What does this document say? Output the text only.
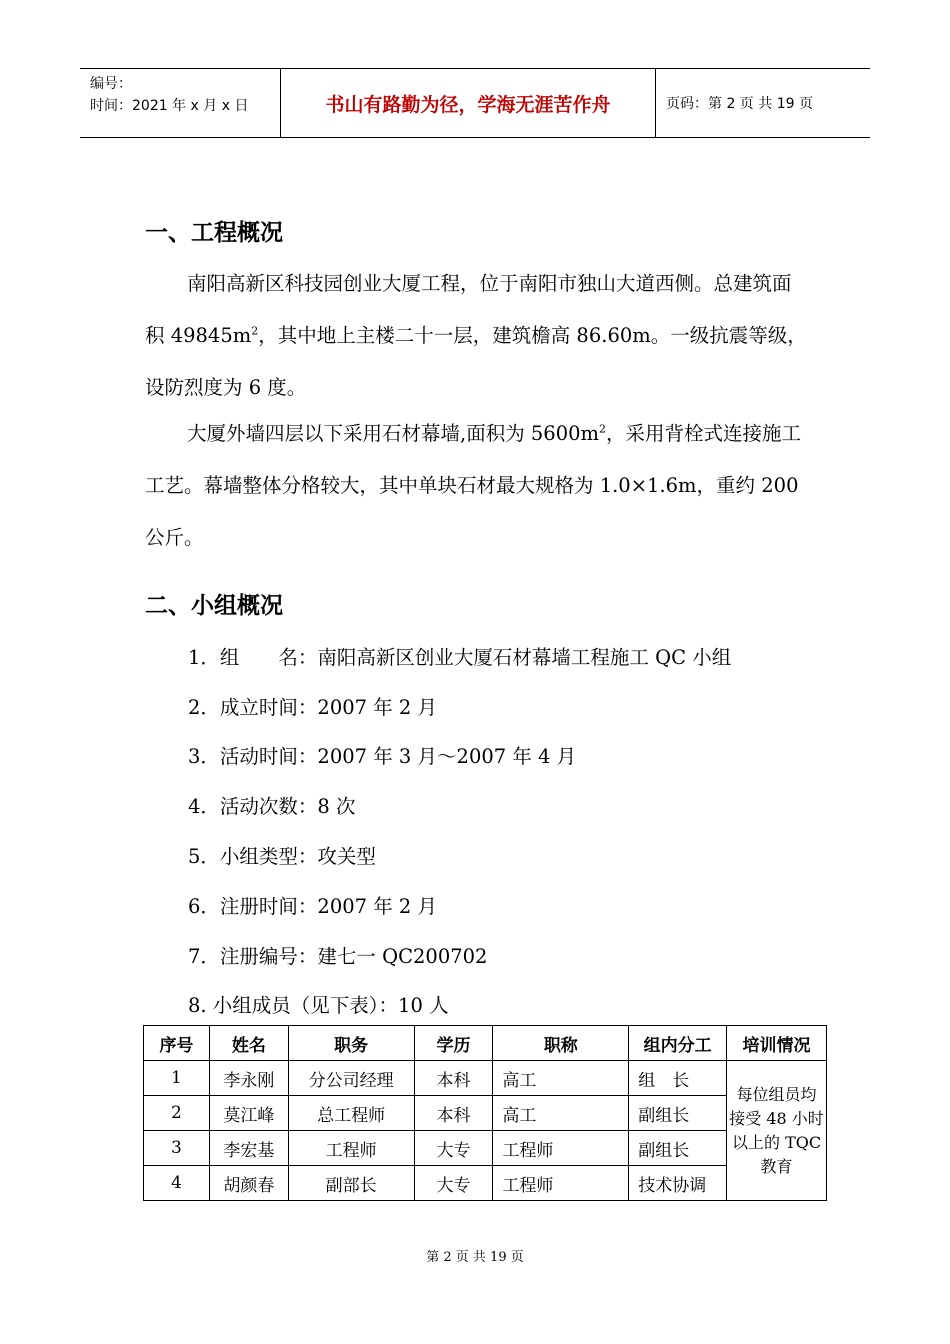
编号：
时间：2021 年 x 月 x 日	书山有路勤为径，学海无涯苦作舟	页码：第 2 页 共 19 页
一、工程概况
南阳高新区科技园创业大厦工程，位于南阳市独山大道西侧。总建筑面积 $49845m^2$，其中地上主楼二十一层，建筑檐高 86.60m。一级抗震等级，设防烈度为 6 度。
大厦外墙四层以下采用石材幕墙,面积为 $5600m^2$，采用背栓式连接施工工艺。幕墙整体分格较大，其中单块石材最大规格为 1.0×1.6m，重约 200 公斤。
二、小组概况
1．组　　名：南阳高新区创业大厦石材幕墙工程施工 QC 小组
2．成立时间：2007 年 2 月
3．活动时间：2007 年 3 月～2007 年 4 月
4．活动次数：8 次
5．小组类型：攻关型
6．注册时间：2007 年 2 月
7．注册编号：建七一 QC200702
8. 小组成员（见下表）：10 人
序号	姓名	职务	学历	职称	组内分工	培训情况
1	李永刚	分公司经理	本科	高工	组　长	每位组员均 接受 48 小时以上的 TQC 教育
2	莫江峰	总工程师	本科	高工	副组长	
3	李宏基	工程师	大专	工程师	副组长	
4	胡颜春	副部长	大专	工程师	技术协调	
第 2 页 共 19 页
